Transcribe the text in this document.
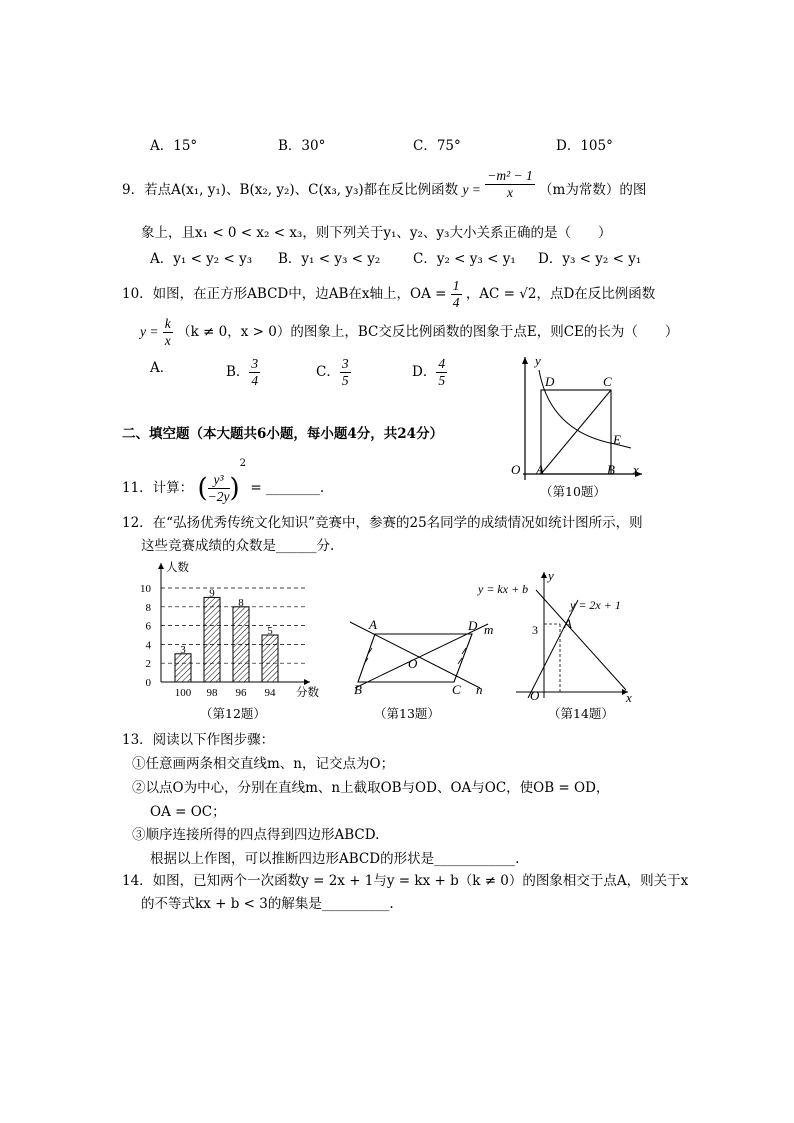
A．15°	B．30°	C．75°	D．105°
9．若点A(x₁, y₁)、B(x₂, y₂)、C(x₃, y₃)都在反比例函数 $y = \frac{\text{−m² − 1}}{x} (m$为常数）的图
象上，且x₁ < 0 < x₂ < x₃，则下列关于y₁、y₂、y₃大小关系正确的是（　　）
A．y₁ < y₂ < y₃ B．y₁ < y₃ < y₂ C．y₂ < y₃ < y₁ D．y₃ < y₂ < y₁
10．如图，在正方形ABCD中，边AB在x轴上，OA = $\frac{1}{4}$ ，AC = √2，点D在反比例函数
$y = \frac{k}{x} (k \ne 0$，x > 0）的图象上，BC交反比例函数的图象于点E，则CE的长为（　　）
A．	B． $\frac{3}{4}$	C． $\frac{3}{5}$	D． $\frac{4}{5}$	y
D	C
E
O A	B x
（第10题）
二、填空题（本大题共6小题，每小题4分，共24分）
11．计算： ( $\frac{\text{y³}}{-2y} )^2$ = ________.
12．在“弘扬优秀传统文化知识”竞赛中，参赛的25名同学的成绩情况如统计图所示，则
这些竞赛成绩的众数是______分.
0
2
4
6
8
10
3
100
9
98
8
96
5
94
人数
分数
（第12题）
A	D m
O
B	C n
（第13题）
y
y = kx + b
y = 2x + 1
3 A
O	x
（第14题）
13．阅读以下作图步骤：
①任意画两条相交直线m、n，记交点为O；
②以点O为中心，分别在直线m、n上截取OB与OD、OA与OC，使OB = OD，
OA = OC；
③顺序连接所得的四点得到四边形ABCD.
根据以上作图，可以推断四边形ABCD的形状是____________.
14．如图，已知两个一次函数y = 2x + 1与y = kx + b（k ≠ 0）的图象相交于点A，则关于x
的不等式kx + b < 3的解集是__________.
